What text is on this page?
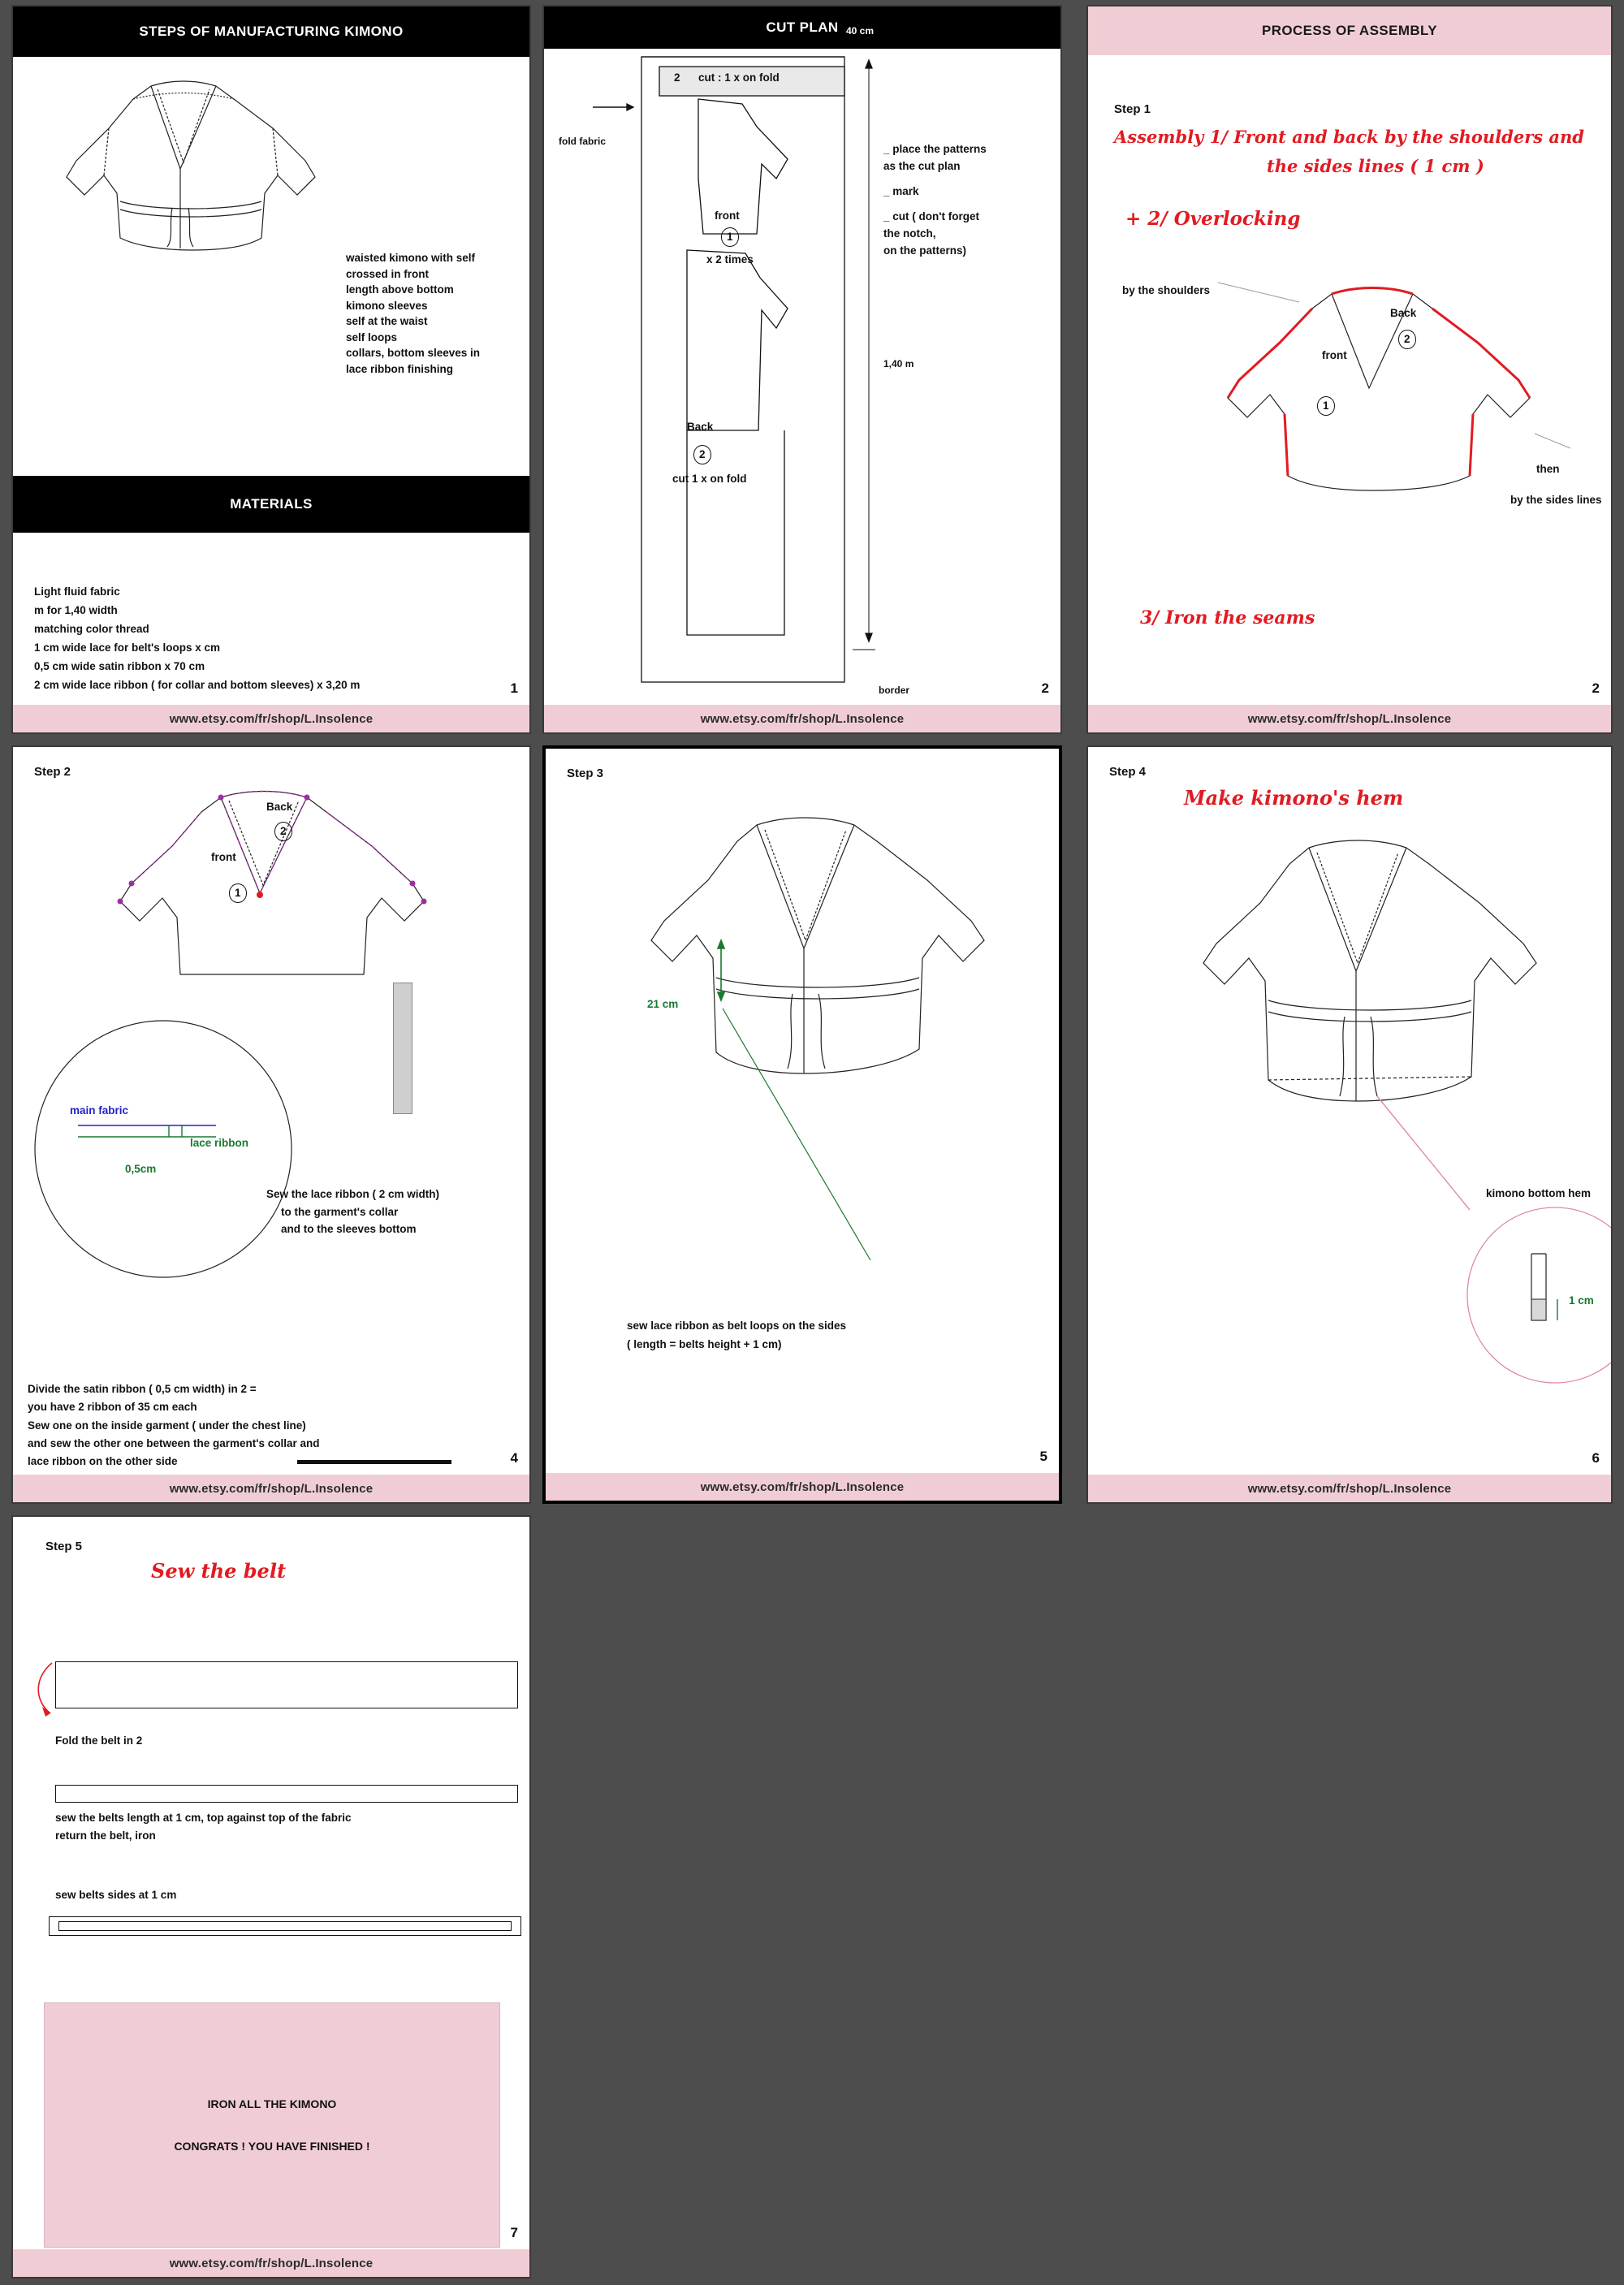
STEPS OF MANUFACTURING KIMONO
waisted kimono with self
crossed in front
length above bottom
kimono sleeves
self at the waist
self loops
collars, bottom sleeves in
lace ribbon finishing
MATERIALS
Light fluid fabric
m for 1,40 width
matching color thread
1 cm wide lace for belt's loops x cm
0,5 cm wide satin ribbon x 70 cm
2 cm wide lace ribbon ( for collar and bottom sleeves) x 3,20 m	1
www.etsy.com/fr/shop/L.Insolence
CUT PLAN 40 cm
2 cut : 1 x on fold
fold fabric
front
1
x 2 times
Back
2
cut 1 x on fold
_ place the patterns
as the cut plan
_ mark
_ cut ( don't forget
the notch,
on the patterns)
1,40 m
border	2
www.etsy.com/fr/shop/L.Insolence
PROCESS OF ASSEMBLY
Step 1
Assembly 1/ Front and back by the shoulders and
the sides lines ( 1 cm )
+ 2/ Overlocking
by the shoulders
Back
2
front
1
then
by the sides lines
3/ Iron the seams
2
www.etsy.com/fr/shop/L.Insolence
Step 2
Back
2
front
1
main fabric
lace ribbon
0,5cm
Sew the lace ribbon ( 2 cm width)
to the garment's collar
and to the sleeves bottom
Divide the satin ribbon ( 0,5 cm width) in 2 =
you have 2 ribbon of 35 cm each
Sew one on the inside garment ( under the chest line)
and sew the other one between the garment's collar and
lace ribbon on the other side	4
www.etsy.com/fr/shop/L.Insolence
Step 3
21 cm
sew lace ribbon as belt loops on the sides
( length = belts height + 1 cm)
5
www.etsy.com/fr/shop/L.Insolence
Step 4
Make kimono's hem
kimono bottom hem
1 cm
6
www.etsy.com/fr/shop/L.Insolence
Step 5
Sew the belt
Fold the belt in 2
sew the belts length at 1 cm, top against top of the fabric
return the belt, iron
sew belts sides at 1 cm
IRON ALL THE KIMONO
CONGRATS ! YOU HAVE FINISHED !
7
www.etsy.com/fr/shop/L.Insolence
